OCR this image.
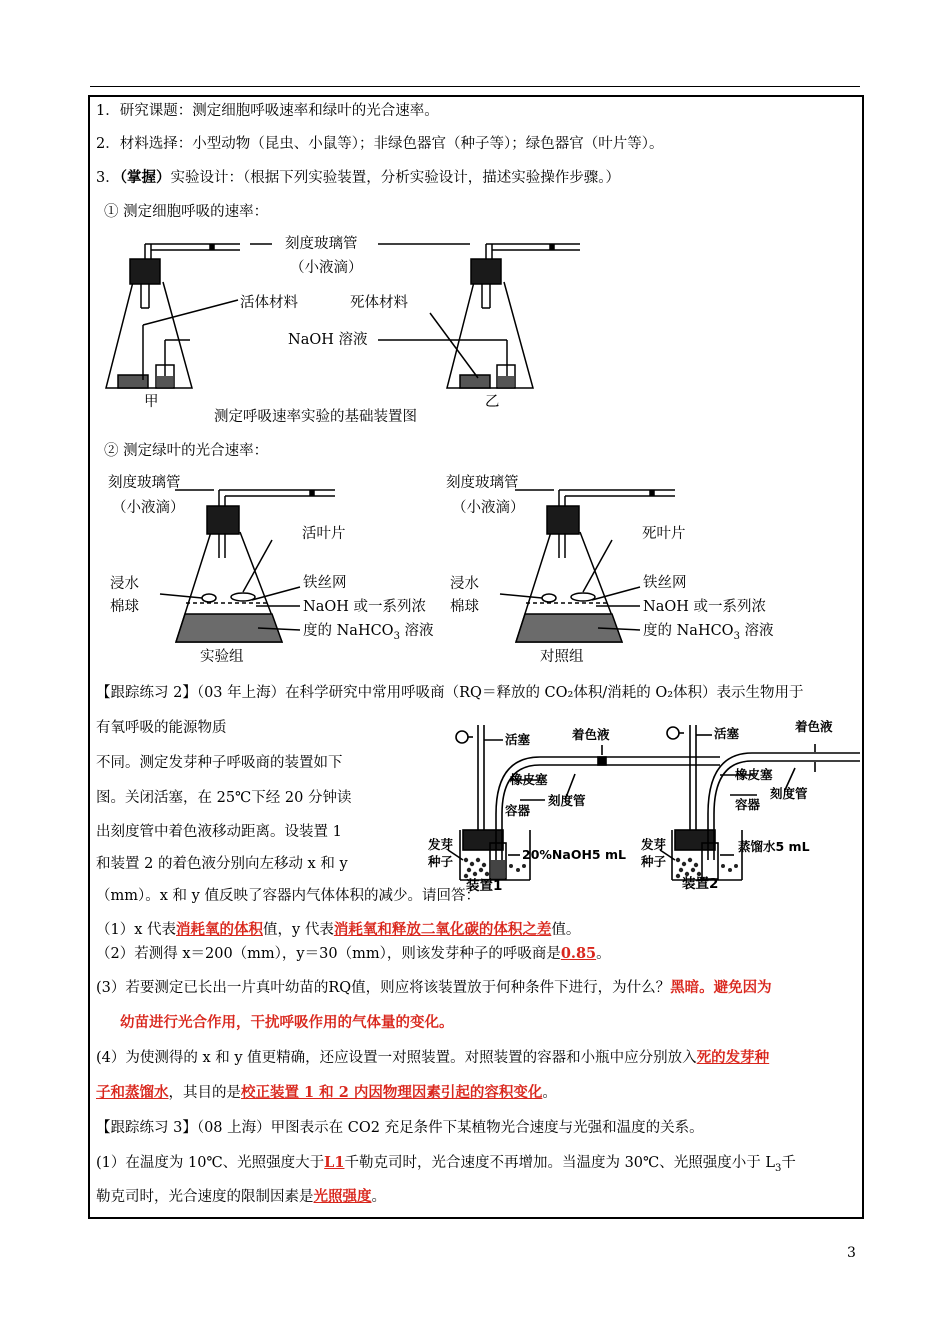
1．研究课题：测定细胞呼吸速率和绿叶的光合速率。
2．材料选择：小型动物（昆虫、小鼠等）；非绿色器官（种子等）；绿色器官（叶片等）。
3．（掌握）实验设计：（根据下列实验装置，分析实验设计，描述实验操作步骤。）
① 测定细胞呼吸的速率：
刻度玻璃管
（小液滴）
活体材料	死体材料
NaOH 溶液
甲	乙
测定呼吸速率实验的基础装置图
② 测定绿叶的光合速率：
刻度玻璃管
（小液滴）
活叶片
浸水
棉球
铁丝网
NaOH 或一系列浓
度的 NaHCO$_3$ 溶液
实验组
刻度玻璃管
（小液滴）
死叶片
浸水
棉球
铁丝网
NaOH 或一系列浓
度的 NaHCO$_3$ 溶液
对照组
【跟踪练习 2】（03 年上海）在科学研究中常用呼吸商（RQ＝释放的 CO₂体积/消耗的 O₂体积）表示生物用于
有氧呼吸的能源物质
不同。测定发芽种子呼吸商的装置如下
图。关闭活塞，在 25℃下经 20 分钟读
出刻度管中着色液移动距离。设装置 1
和装置 2 的着色液分别向左移动 x 和 y
（mm）。x 和 y 值反映了容器内气体体积的减少。请回答：
活塞	着色液
橡皮塞
刻度管
容器
发芽
种子	20%NaOH5 mL
装置1
活塞	着色液
橡皮塞
刻度管
容器
发芽
种子
蒸馏水5 mL
装置2
（1）x 代表消耗氧的体积值，y 代表消耗氧和释放二氧化碳的体积之差值。
（2）若测得 x＝200（mm），y＝30（mm），则该发芽种子的呼吸商是0.85。
(3）若要测定已长出一片真叶幼苗的RQ值，则应将该装置放于何种条件下进行，为什么？黑暗。避免因为
幼苗进行光合作用，干扰呼吸作用的气体量的变化。
(4）为使测得的 x 和 y 值更精确，还应设置一对照装置。对照装置的容器和小瓶中应分别放入死的发芽种
子和蒸馏水，其目的是校正装置 1 和 2 内因物理因素引起的容积变化。
【跟踪练习 3】（08 上海）甲图表示在 CO2 充足条件下某植物光合速度与光强和温度的关系。
(1）在温度为 10℃、光照强度大于L1千勒克司时，光合速度不再增加。当温度为 30℃、光照强度小于 $L_3$千
勒克司时，光合速度的限制因素是光照强度。
3
